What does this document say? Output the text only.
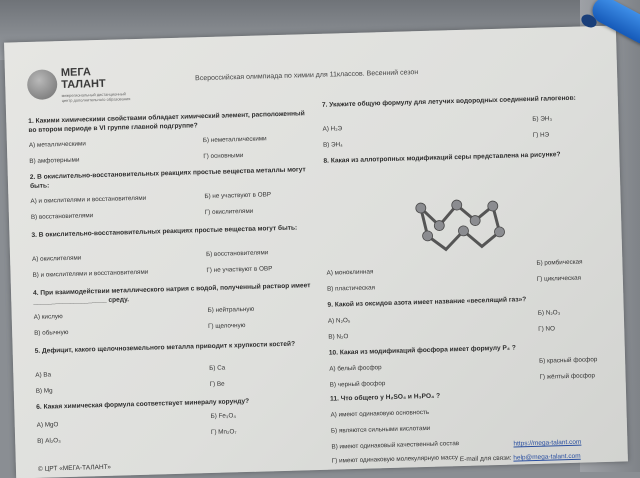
МЕГА
ТАЛАНТ
межрегиональный дистанционный центр дополнительного образования
Всероссийская олимпиада по химии для 11классов. Весенний сезон
1. Какими химическими свойствами обладает химический элемент, расположенный во втором периоде в VI группе главной подгруппе?
А) металлическими
Б) неметаллическими
В) амфотерными
Г) основными
2. В окислительно-восстановительных реакциях простые вещества металлы могут быть:
А) и окислителями и восстановителями	Б) не участвуют в ОВР
В) восстановителями
Г) окислителями
3. В окислительно-восстановительных реакциях простые вещества могут быть:
А) окислителями
Б) восстановителями
В) и окислителями и восстановителями	Г) не участвуют в ОВР
4. При взаимодействии металлического натрия с водой, полученный раствор имеет ____________________ среду.
А) кислую
Б) нейтральную
В) обычную
Г) щелочную
5. Дефицит, какого щелочноземельного металла приводит к хрупкости костей?
А) Ba
Б) Ca
В) Mg
Г) Be
6. Какая химическая формула соответствует минералу корунду?
А) MgO
Б) Fe₃O₄
В) Al₂O₃
Г) Mn₂O₇
7. Укажите общую формулу для летучих водородных соединений галогенов:
А) H₂Э
Б) ЭН₃
В) ЭН₄
Г) НЭ
8. Какая из аллотропных модификаций серы представлена на рисунке?
А) моноклинная
Б) ромбическая
В) пластическая
Г) циклическая
9. Какой из оксидов азота имеет название «веселящий газ»?
А) N₂O₅
Б) N₂O₃
В) N₂O
Г) NO
10. Какая из модификаций фосфора имеет формулу P₄ ?
А) белый фосфор
Б) красный фосфор
В) черный фосфор
Г) жёлтый фосфор
11. Что общего у H₂SO₄ и H₃PO₄ ?
А) имеют одинаковую основность
Б) являются сильными кислотами
В) имеют одинаковый качественный состав
Г) имеют одинаковую молекулярную массу
© ЦРТ «МЕГА-ТАЛАНТ»
https://mega-talant.com
E-mail для связи: help@mega-talant.com
